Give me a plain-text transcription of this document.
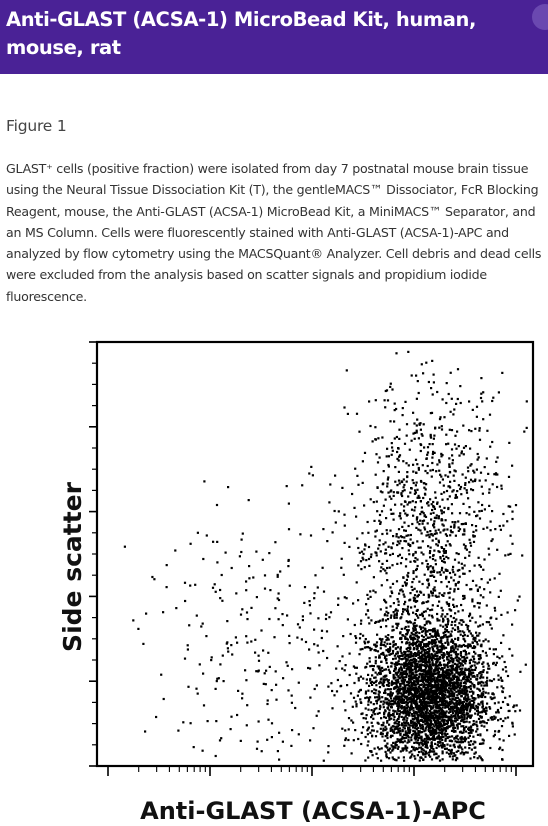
Anti-GLAST (ACSA-1) MicroBead Kit, human, mouse, rat
Figure 1

GLAST⁺ cells (positive fraction) were isolated from day 7 postnatal mouse brain tissue using the Neural Tissue Dissociation Kit (T), the gentleMACS™ Dissociator, FcR Blocking Reagent, mouse, the Anti-GLAST (ACSA-1) MicroBead Kit, a MiniMACS™ Separator, and an MS Column. Cells were fluorescently stained with Anti-GLAST (ACSA-1)-APC and analyzed by flow cytometry using the MACSQuant® Analyzer. Cell debris and dead cells were excluded from the analysis based on scatter signals and propidium iodide fluorescence.

Side scatter
Anti-GLAST (ACSA-1)-APC
